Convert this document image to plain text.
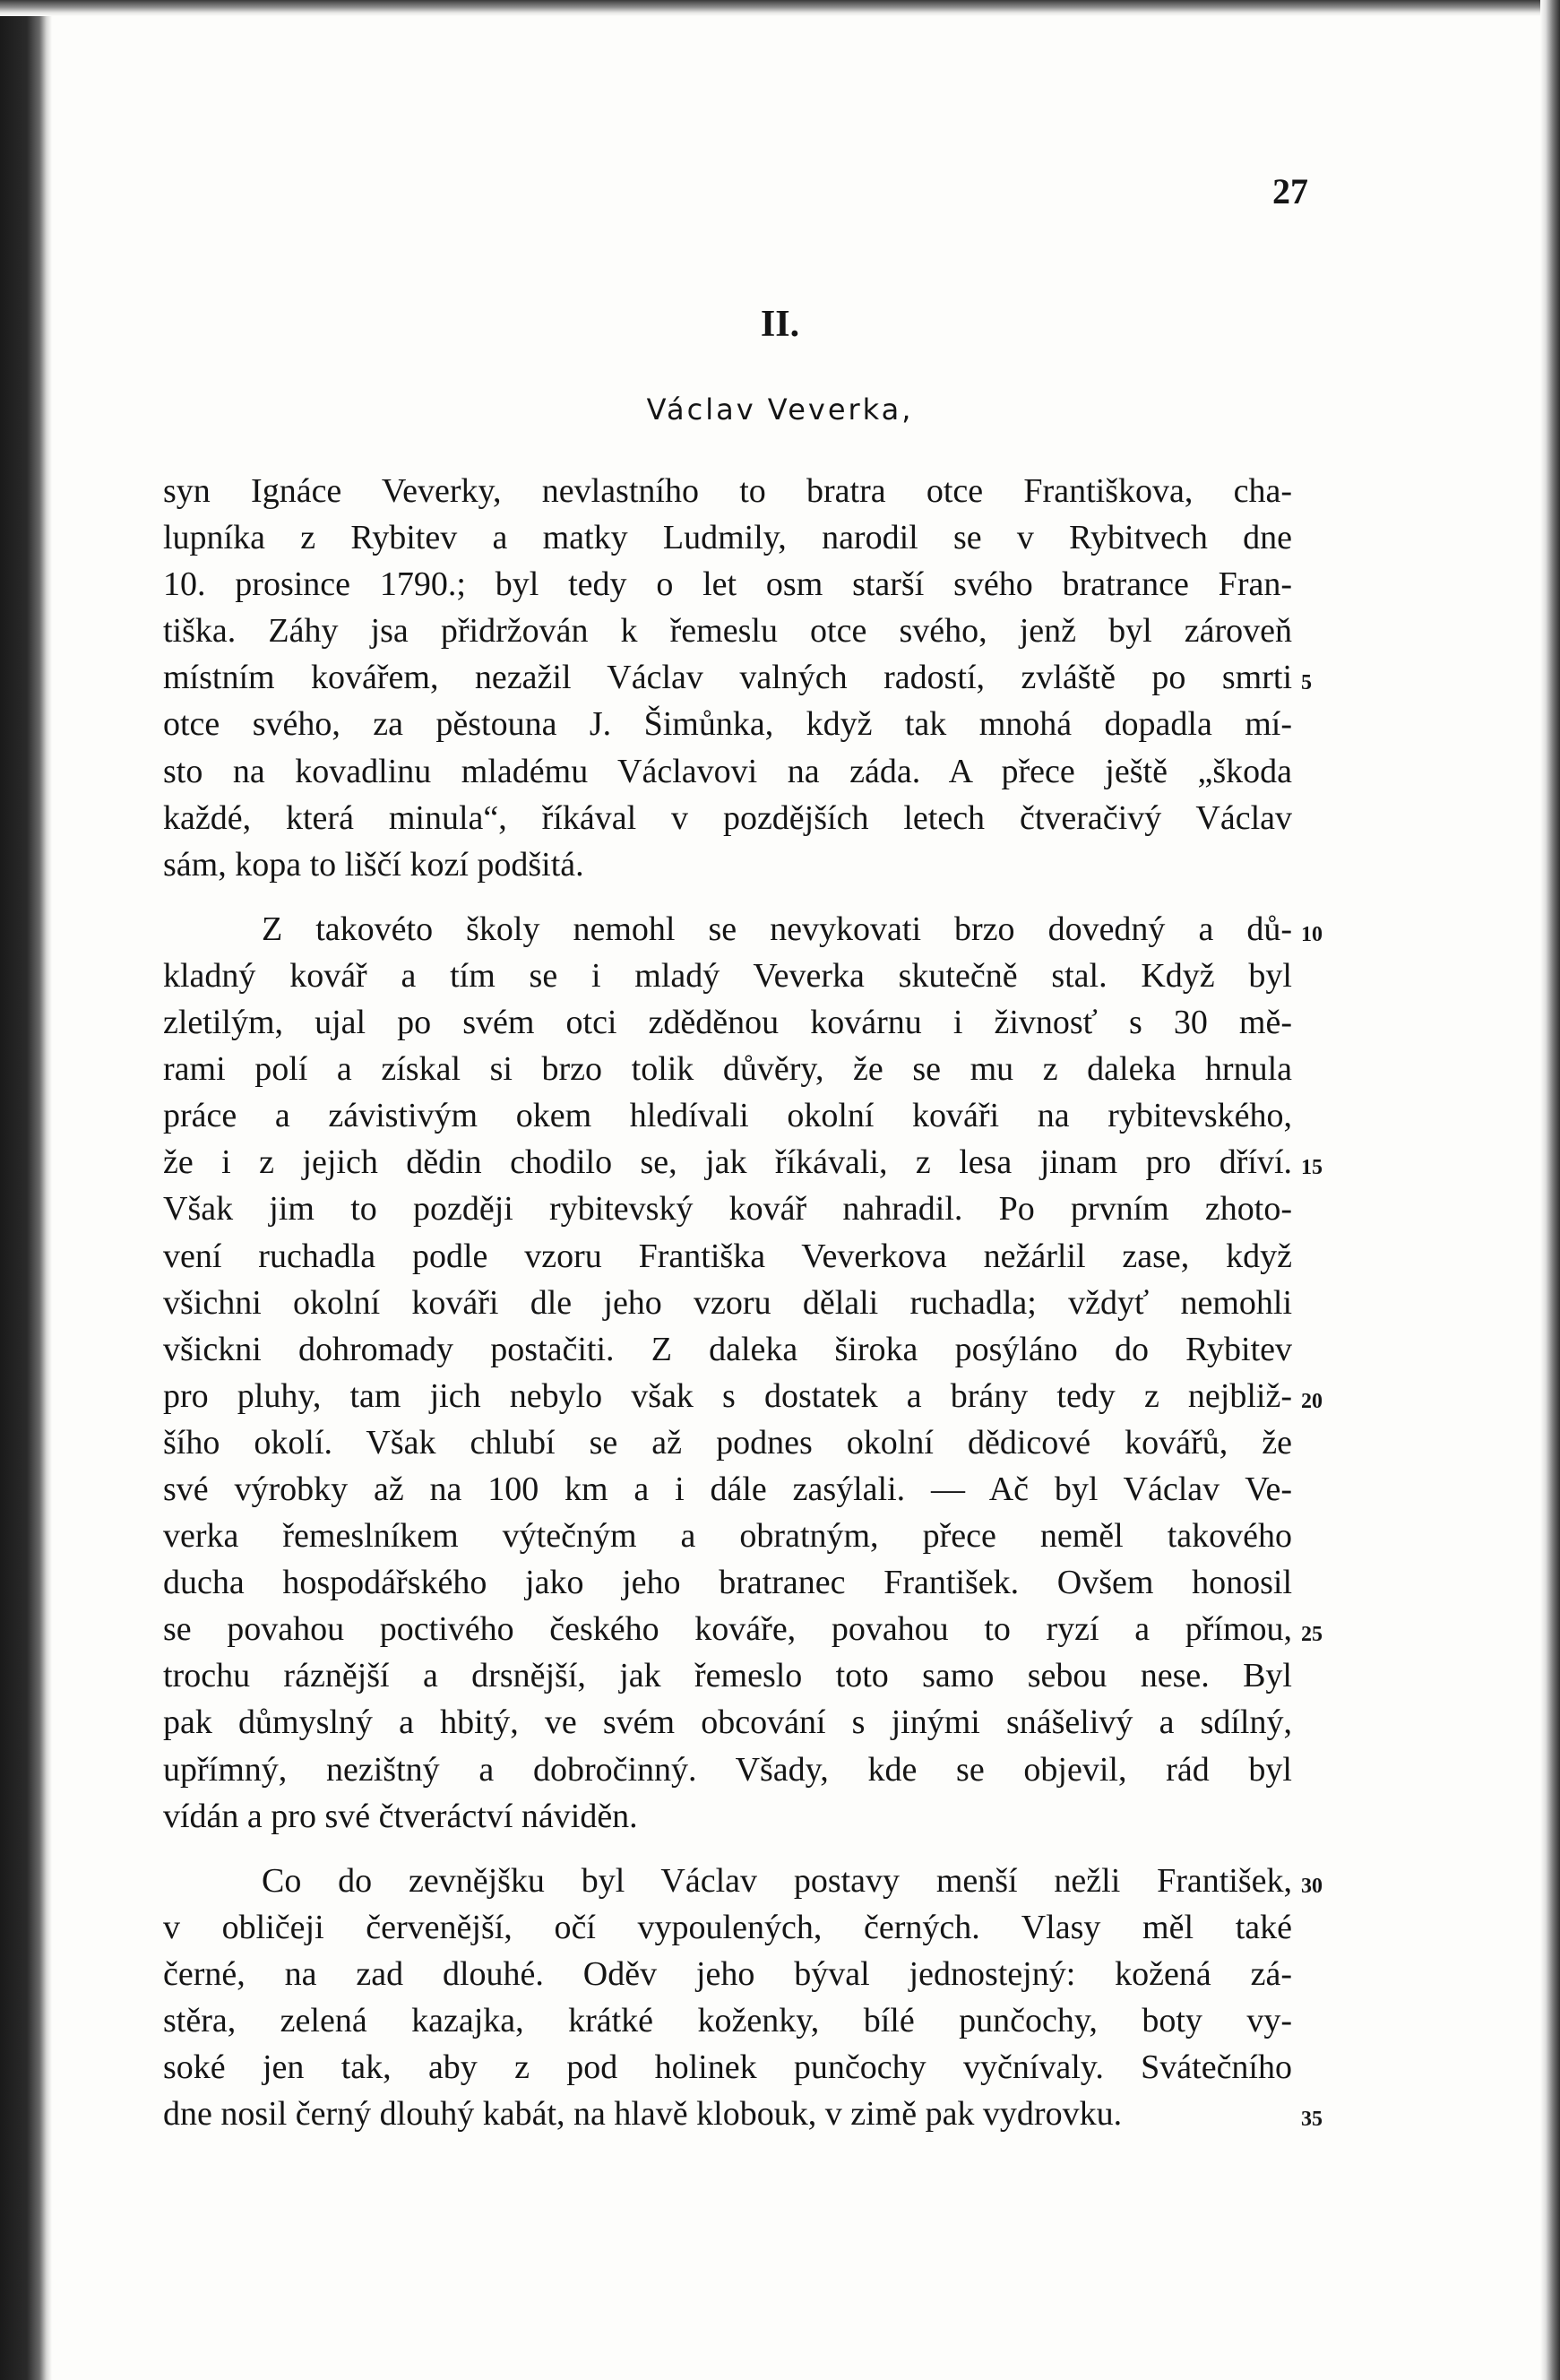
27
II.
Václav Veverka,
syn Ignáce Veverky, nevlastního to bratra otce Františkova, cha-
lupníka z Rybitev a matky Ludmily, narodil se v Rybitvech dne
10. prosince 1790.; byl tedy o let osm starší svého bratrance Fran-
tiška. Záhy jsa přidržován k řemeslu otce svého, jenž byl zároveň
místním kovářem, nezažil Václav valných radostí, zvláště po smrti
otce svého, za pěstouna J. Šimůnka, když tak mnohá dopadla mí-
sto na kovadlinu mladému Václavovi na záda. A přece ještě „škoda
každé, která minula“, říkával v pozdějších letech čtveračivý Václav
sám, kopa to liščí kozí podšitá.
Z takovéto školy nemohl se nevykovati brzo dovedný a dů-
kladný kovář a tím se i mladý Veverka skutečně stal. Když byl
zletilým, ujal po svém otci zděděnou kovárnu i živnosť s 30 mě-
rami polí a získal si brzo tolik důvěry, že se mu z daleka hrnula
práce a závistivým okem hledívali okolní kováři na rybitevského,
že i z jejich dědin chodilo se, jak říkávali, z lesa jinam pro dříví.
Však jim to později rybitevský kovář nahradil. Po prvním zhoto-
vení ruchadla podle vzoru Františka Veverkova nežárlil zase, když
všichni okolní kováři dle jeho vzoru dělali ruchadla; vždyť nemohli
všickni dohromady postačiti. Z daleka široka posýláno do Rybitev
pro pluhy, tam jich nebylo však s dostatek a brány tedy z nejbliž-
šího okolí. Však chlubí se až podnes okolní dědicové kovářů, že
své výrobky až na 100 km a i dále zasýlali. — Ač byl Václav Ve-
verka řemeslníkem výtečným a obratným, přece neměl takového
ducha hospodářského jako jeho bratranec František. Ovšem honosil
se povahou poctivého českého kováře, povahou to ryzí a přímou,
trochu ráznější a drsnější, jak řemeslo toto samo sebou nese. Byl
pak důmyslný a hbitý, ve svém obcování s jinými snášelivý a sdílný,
upřímný, nezištný a dobročinný. Všady, kde se objevil, rád byl
vídán a pro své čtveráctví náviděn.
Co do zevnějšku byl Václav postavy menší nežli František,
v obličeji červenější, očí vypoulených, černých. Vlasy měl také
černé, na zad dlouhé. Oděv jeho býval jednostejný: kožená zá-
stěra, zelená kazajka, krátké koženky, bílé punčochy, boty vy-
soké jen tak, aby z pod holinek punčochy vyčnívaly. Svátečního
dne nosil černý dlouhý kabát, na hlavě klobouk, v zimě pak vydrovku.
5
10
15
20
25
30
35
